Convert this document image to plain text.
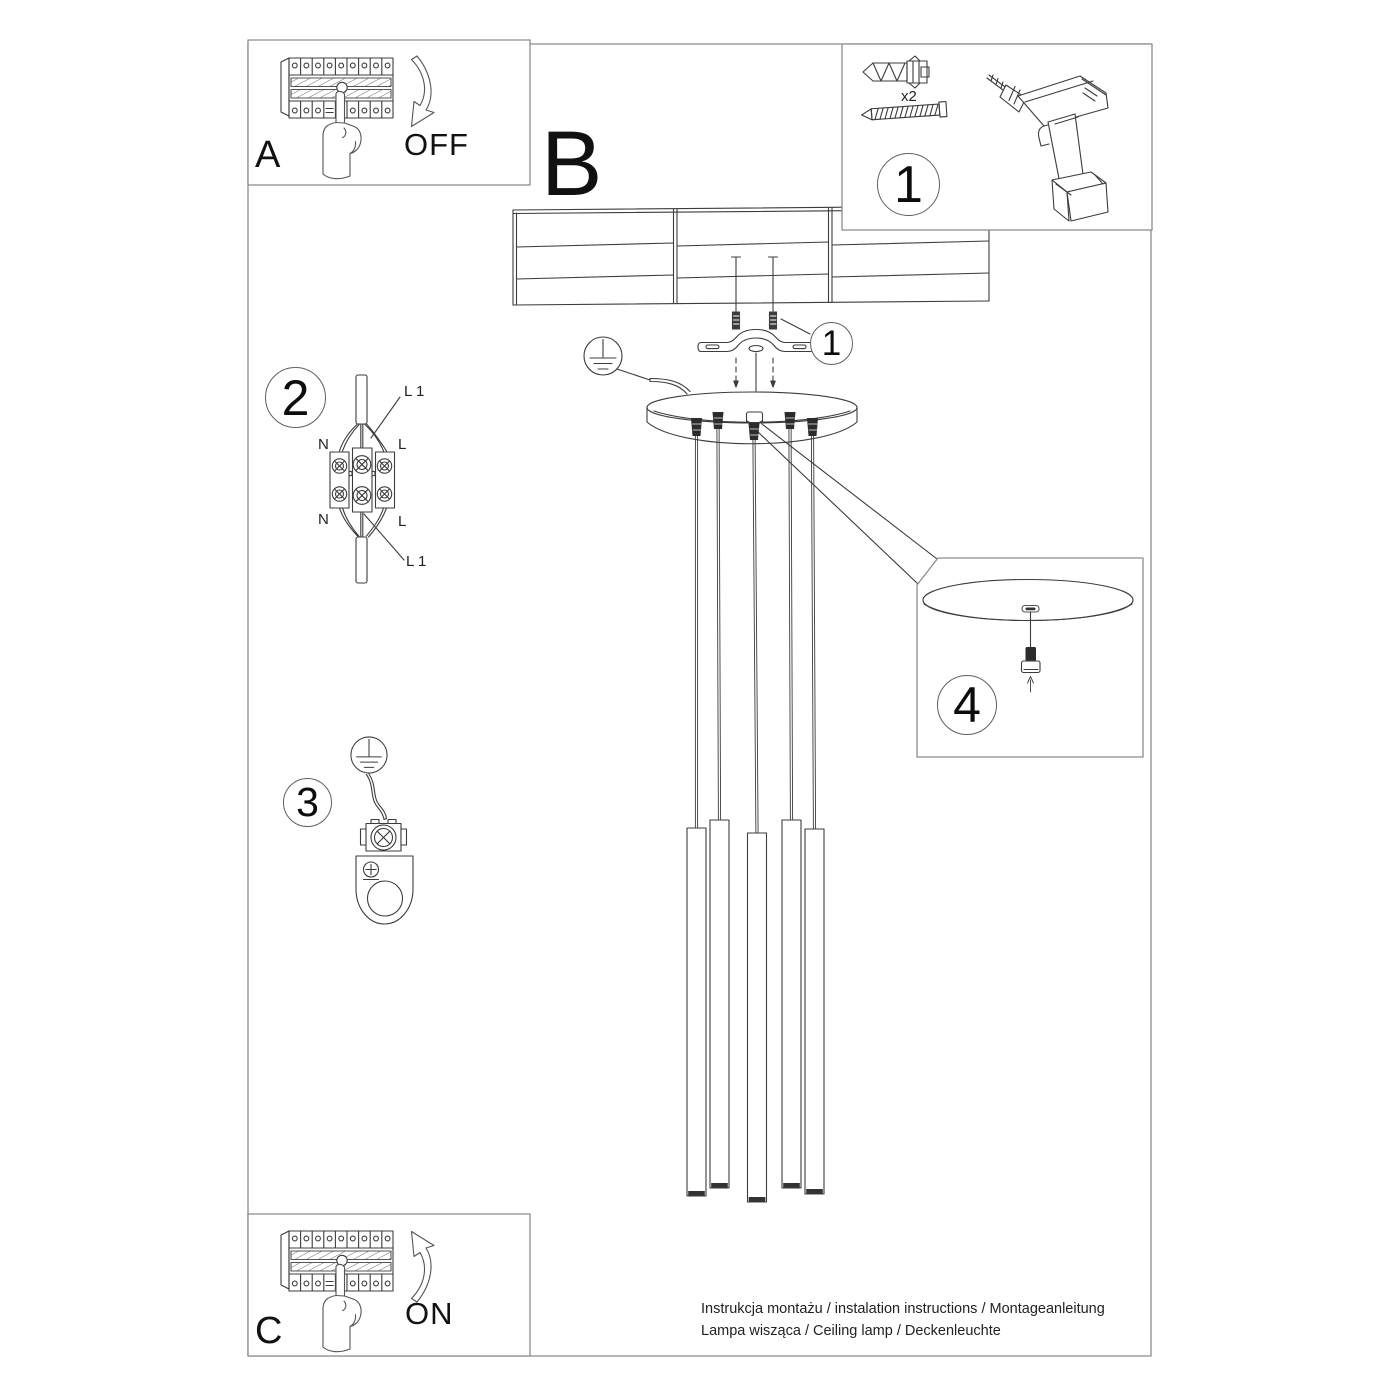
A	OFF B
C	ON
x2
1
1
2
3
4
N	L
L 1
N	L
L 1
Instrukcja montażu / instalation instructions / Montageanleitung
Lampa wisząca / Ceiling lamp / Deckenleuchte
